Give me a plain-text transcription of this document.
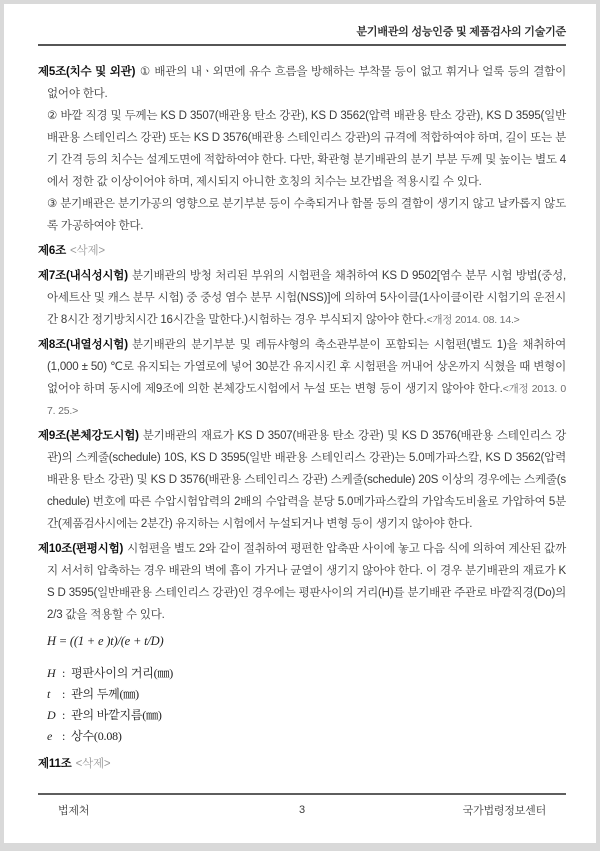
분기배관의 성능인증 및 제품검사의 기술기준
제5조(치수 및 외관) ① 배관의 내ㆍ외면에 유수 흐름을 방해하는 부착물 등이 없고 휘거나 얼룩 등의 결함이 없어야 한다.
② 바깥 직경 및 두께는 KS D 3507(배관용 탄소 강관), KS D 3562(압력 배관용 탄소 강관), KS D 3595(일반 배관용 스테인리스 강관) 또는 KS D 3576(배관용 스테인리스 강관)의 규격에 적합하여야 하며, 길이 또는 분기 간격 등의 치수는 설계도면에 적합하여야 한다. 다만, 확관형 분기배관의 분기 부분 두께 및 높이는 별도 4에서 정한 값 이상이어야 하며, 제시되지 아니한 호칭의 치수는 보간법을 적용시킬 수 있다.
③ 분기배관은 분기가공의 영향으로 분기부분 등이 수축되거나 함몰 등의 결함이 생기지 않고 날카롭지 않도록 가공하여야 한다.
제6조 <삭제>
제7조(내식성시험) 분기배관의 방청 처리된 부위의 시험편을 채취하여 KS D 9502[염수 분무 시험 방법(중성, 아세트산 및 캐스 분무 시험) 중 중성 염수 분무 시험(NSS)]에 의하여 5사이클(1사이클이란 시험기의 운전시간 8시간 정기방치시간 16시간을 말한다.)시험하는 경우 부식되지 않아야 한다.<개정 2014. 08. 14.>
제8조(내열성시험) 분기배관의 분기부분 및 레듀샤형의 축소관부분이 포함되는 시험편(별도 1)을 채취하여 (1,000 ± 50) ℃로 유지되는 가열로에 넣어 30분간 유지시킨 후 시험편을 꺼내어 상온까지 식혔을 때 변형이 없어야 하며 동시에 제9조에 의한 본체강도시험에서 누설 또는 변형 등이 생기지 않아야 한다.<개정 2013. 07. 25.>
제9조(본체강도시험) 분기배관의 재료가 KS D 3507(배관용 탄소 강관) 및 KS D 3576(배관용 스테인리스 강관)의 스케줄(schedule) 10S, KS D 3595(일반 배관용 스테인리스 강관)는 5.0메가파스칼, KS D 3562(압력 배관용 탄소 강관) 및 KS D 3576(배관용 스테인리스 강관) 스케줄(schedule) 20S 이상의 경우에는 스케줄(schedule) 번호에 따른 수압시험압력의 2배의 수압력을 분당 5.0메가파스칼의 가압속도비율로 가압하여 5분간(제품검사시에는 2분간) 유지하는 시험에서 누설되거나 변형 등이 생기지 않아야 한다.
제10조(편평시험) 시험편을 별도 2와 같이 절취하여 평편한 압축판 사이에 놓고 다음 식에 의하여 계산된 값까지 서서히 압축하는 경우 배관의 벽에 흠이 가거나 균열이 생기지 않아야 한다. 이 경우 분기배관의 재료가 KS D 3595(일반배관용 스테인리스 강관)인 경우에는 평판사이의 거리(H)를 분기배관 주관로 바깥직경(Do)의 2/3 값을 적용할 수 있다.
H = ((1 + e )t)/(e + t/D)
H : 평판사이의 거리(㎜)
t : 관의 두께(㎜)
D : 관의 바깥지름(㎜)
e : 상수(0.08)
제11조 <삭제>
법제처	3	국가법령정보센터
